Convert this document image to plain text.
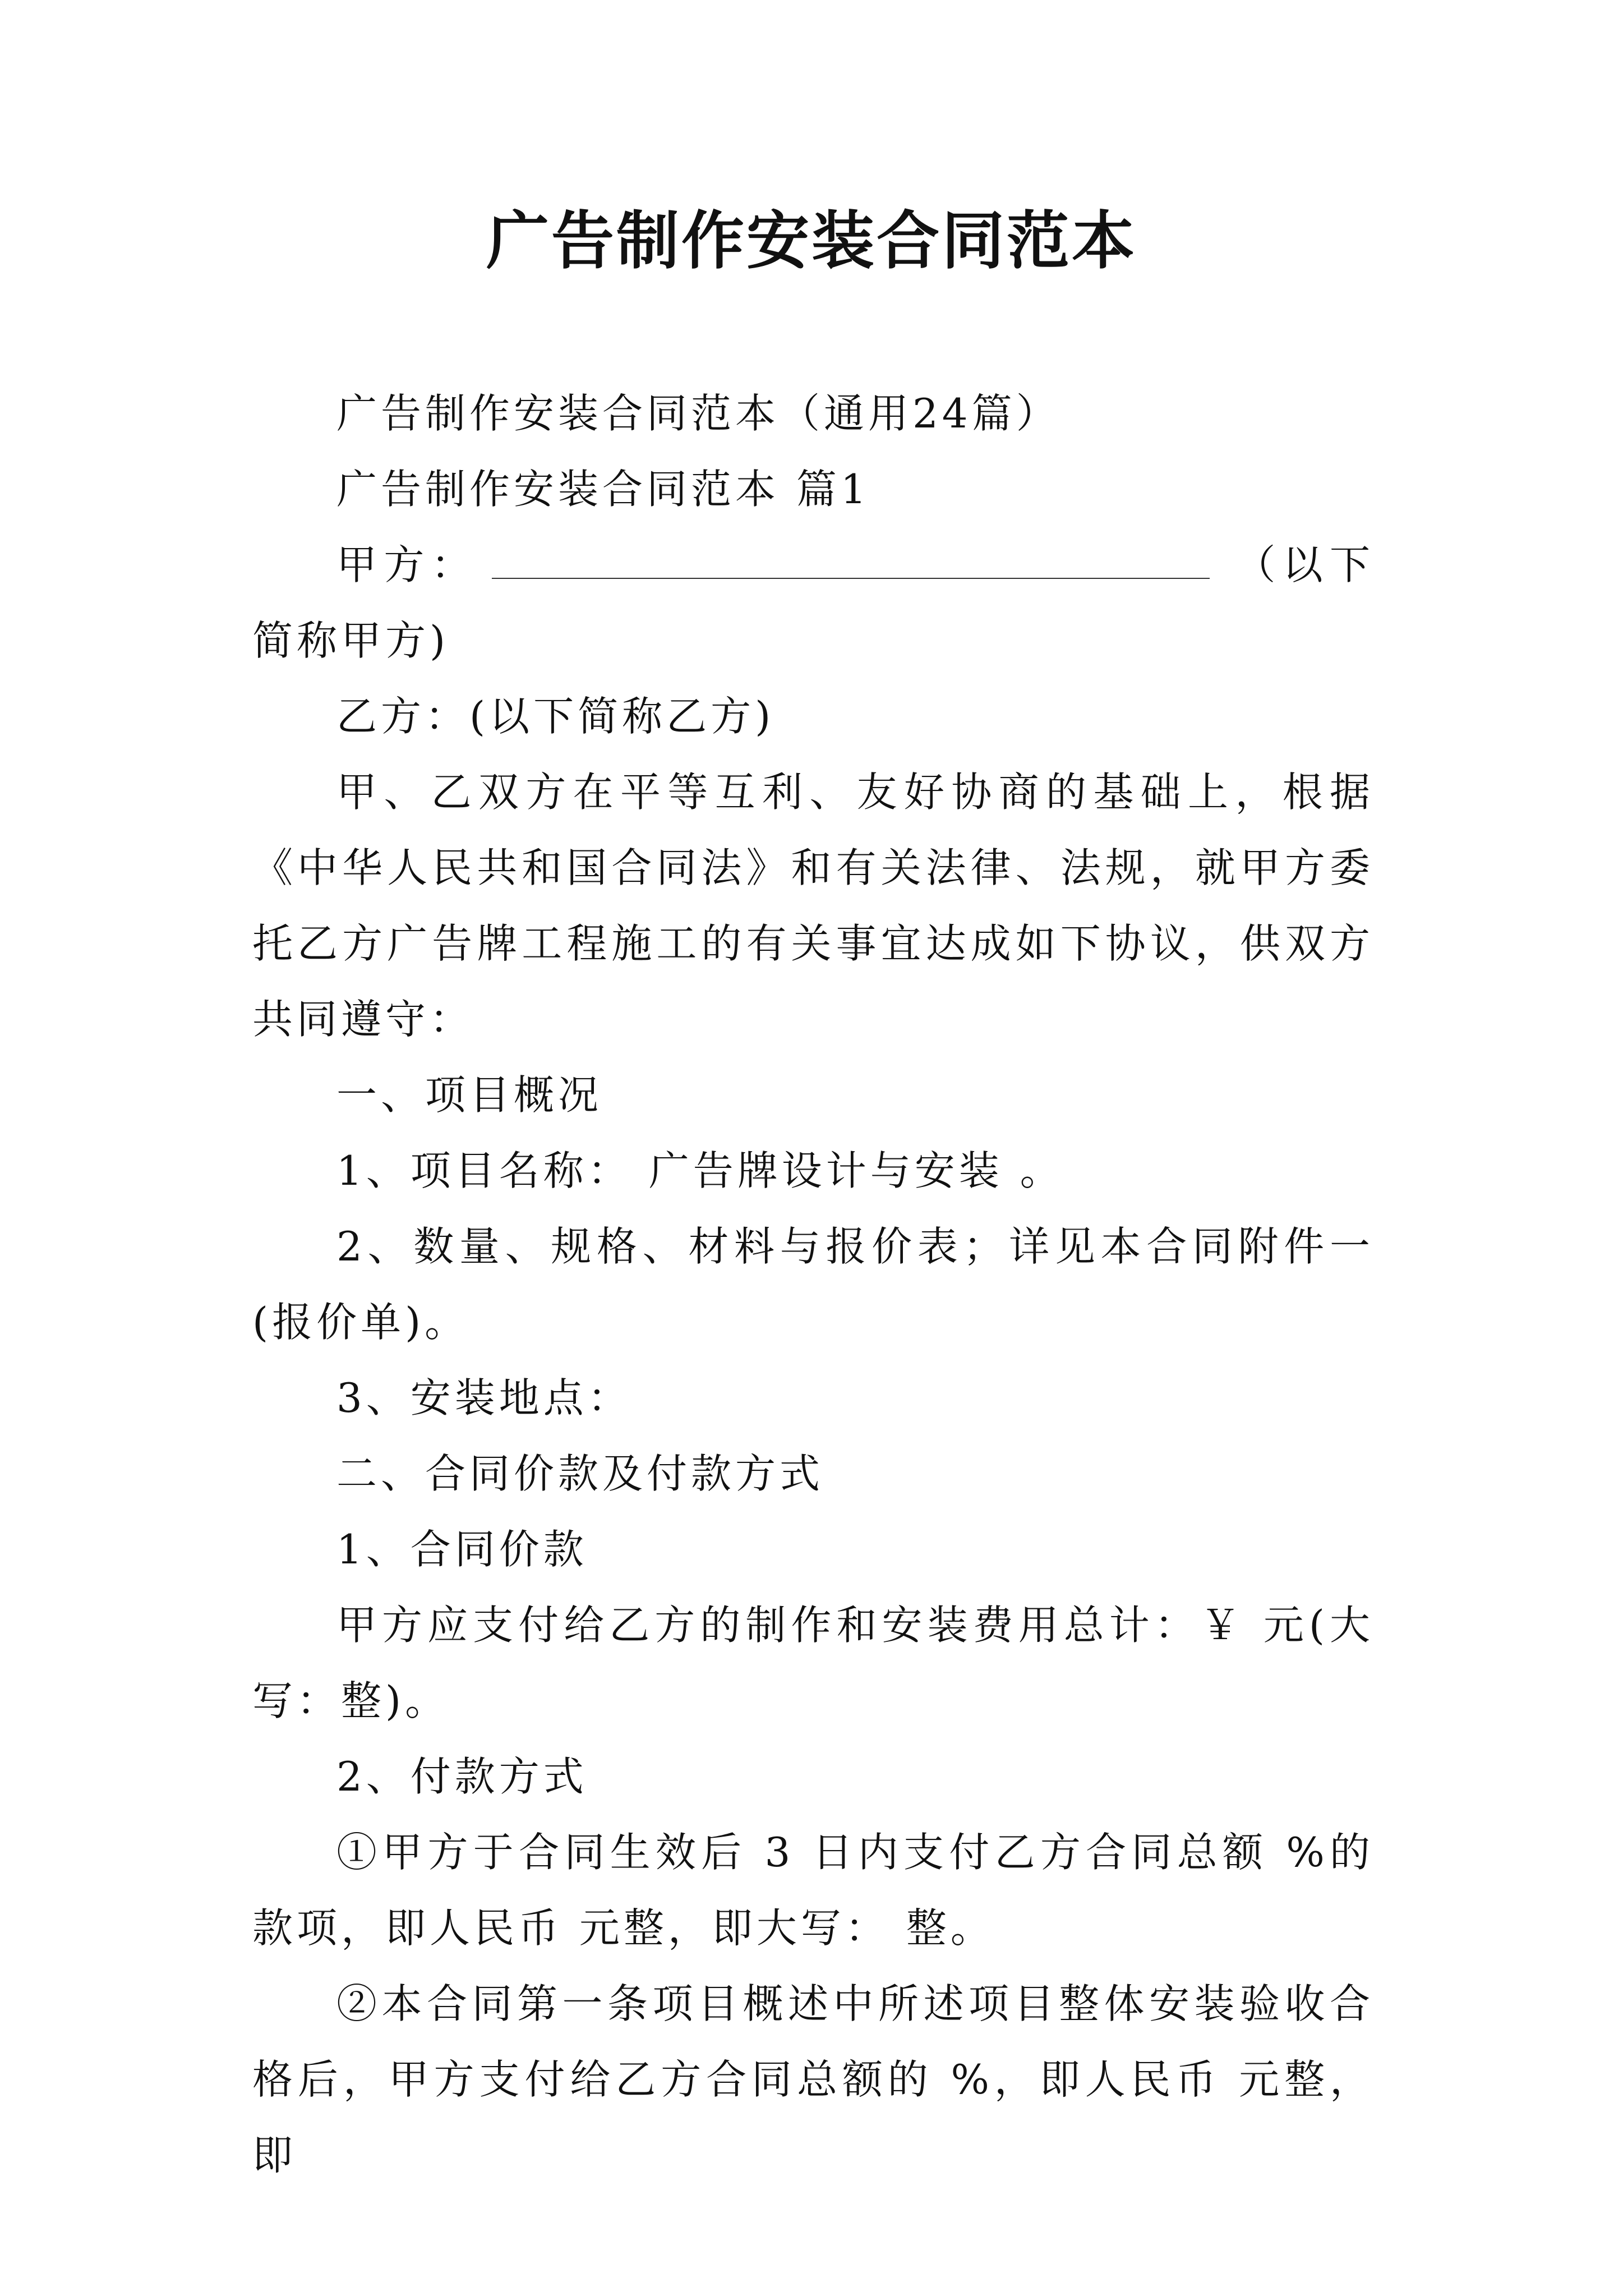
广告制作安装合同范本

广告制作安装合同范本（通用24篇）

广告制作安装合同范本 篇1

甲方：	（以下简称甲方)

乙方：(以下简称乙方)

甲、乙双方在平等互利、友好协商的基础上，根据《中华人民共和国合同法》和有关法律、法规，就甲方委托乙方广告牌工程施工的有关事宜达成如下协议，供双方共同遵守：

一、项目概况

1、项目名称： 广告牌设计与安装 。

2、数量、规格、材料与报价表；详见本合同附件一(报价单)。

3、安装地点：

二、合同价款及付款方式

1、合同价款

甲方应支付给乙方的制作和安装费用总计：￥ 元(大写：整)。

2、付款方式

①甲方于合同生效后 3 日内支付乙方合同总额 %的款项，即人民币 元整，即大写： 整。

②本合同第一条项目概述中所述项目整体安装验收合格后，甲方支付给乙方合同总额的 %，即人民币 元整，即
